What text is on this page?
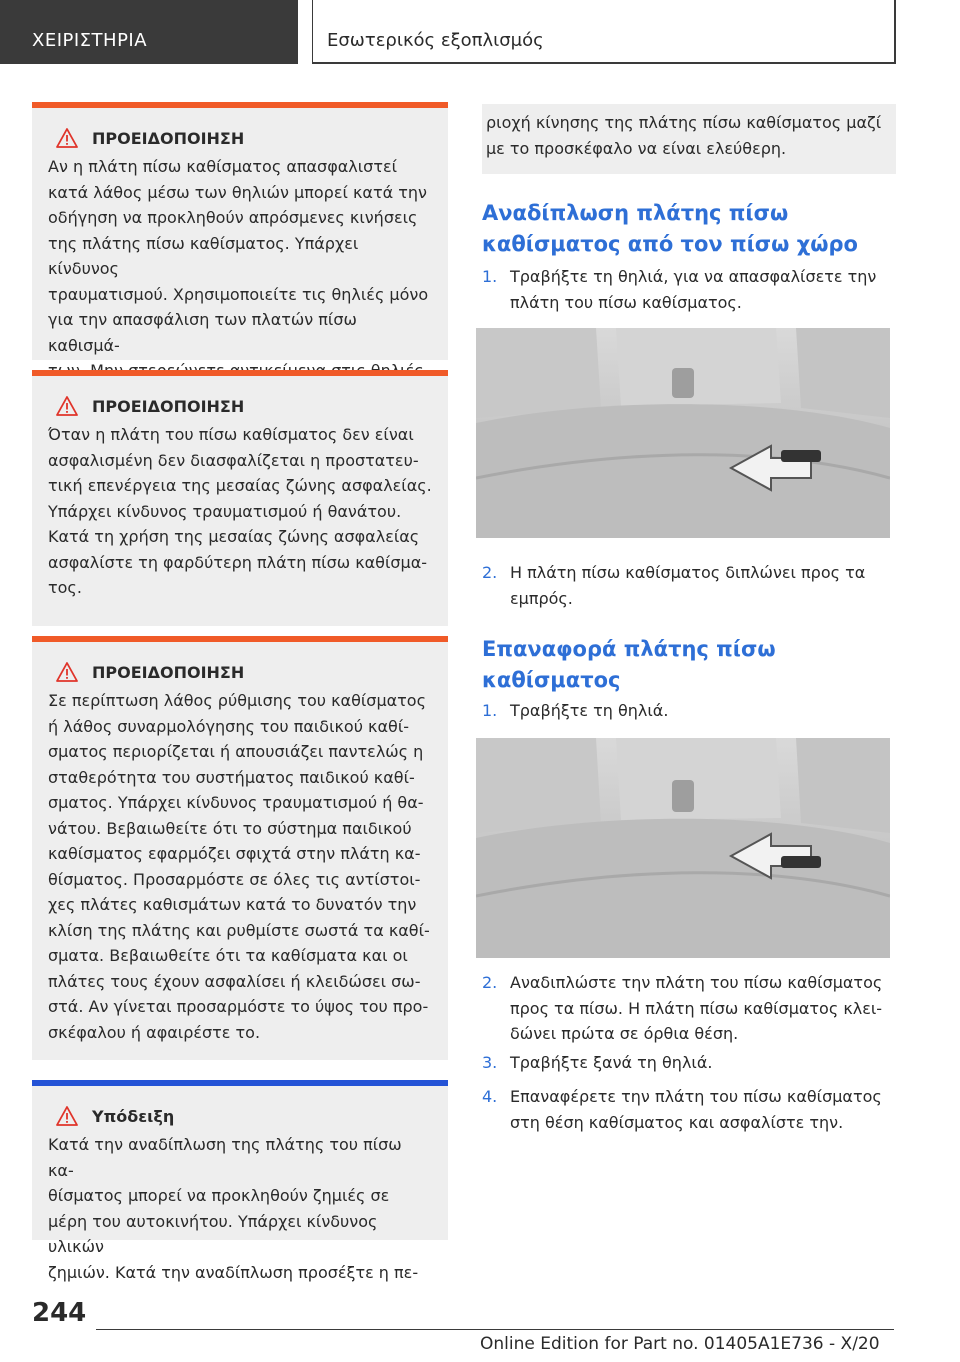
ΧΕΙΡΙΣΤΗΡΙΑ	Εσωτερικός εξοπλισμός
ΠΡΟΕΙΔΟΠΟΙΗΣΗ
Αν η πλάτη πίσω καθίσματος απασφαλιστεί
κατά λάθος μέσω των θηλιών μπορεί κατά την
οδήγηση να προκληθούν απρόσμενες κινήσεις
της πλάτης πίσω καθίσματος. Υπάρχει κίνδυνος
τραυματισμού. Χρησιμοποιείτε τις θηλιές μόνο
για την απασφάλιση των πλατών πίσω καθισμά-
ΠΡΟΕΙΔΟΠΟΙΗΣΗ
Όταν η πλάτη του πίσω καθίσματος δεν είναι
ασφαλισμένη δεν διασφαλίζεται η προστατευ-
τική επενέργεια της μεσαίας ζώνης ασφαλείας.
Υπάρχει κίνδυνος τραυματισμού ή θανάτου.
Κατά τη χρήση της μεσαίας ζώνης ασφαλείας
ασφαλίστε τη φαρδύτερη πλάτη πίσω καθίσμα-
τος.
ΠΡΟΕΙΔΟΠΟΙΗΣΗ
Σε περίπτωση λάθος ρύθμισης του καθίσματος
ή λάθος συναρμολόγησης του παιδικού καθί-
σματος περιορίζεται ή απουσιάζει παντελώς η
σταθερότητα του συστήματος παιδικού καθί-
σματος. Υπάρχει κίνδυνος τραυματισμού ή θα-
νάτου. Βεβαιωθείτε ότι το σύστημα παιδικού
καθίσματος εφαρμόζει σφιχτά στην πλάτη κα-
θίσματος. Προσαρμόστε σε όλες τις αντίστοι-
χες πλάτες καθισμάτων κατά το δυνατόν την
κλίση της πλάτης και ρυθμίστε σωστά τα καθί-
σματα. Βεβαιωθείτε ότι τα καθίσματα και οι
πλάτες τους έχουν ασφαλίσει ή κλειδώσει σω-
στά. Αν γίνεται προσαρμόστε το ύψος του προ-
σκέφαλου ή αφαιρέστε το.
Υπόδειξη
Κατά την αναδίπλωση της πλάτης του πίσω κα-
θίσματος μπορεί να προκληθούν ζημιές σε
μέρη του αυτοκινήτου. Υπάρχει κίνδυνος υλικών
ζημιών. Κατά την αναδίπλωση προσέξτε η πε-
ριοχή κίνησης της πλάτης πίσω καθίσματος μαζί
με το προσκέφαλο να είναι ελεύθερη.
Αναδίπλωση πλάτης πίσω
καθίσματος από τον πίσω χώρο
1. Τραβήξτε τη θηλιά, για να απασφαλίσετε την
πλάτη του πίσω καθίσματος.
2. Η πλάτη πίσω καθίσματος διπλώνει προς τα
εμπρός.
Επαναφορά πλάτης πίσω
καθίσματος
1. Τραβήξτε τη θηλιά.
2. Αναδιπλώστε την πλάτη του πίσω καθίσματος
προς τα πίσω. Η πλάτη πίσω καθίσματος κλει-
δώνει πρώτα σε όρθια θέση.
3. Τραβήξτε ξανά τη θηλιά.
4. Επαναφέρετε την πλάτη του πίσω καθίσματος
στη θέση καθίσματος και ασφαλίστε την.
244
Online Edition for Part no. 01405A1E736 - X/20
